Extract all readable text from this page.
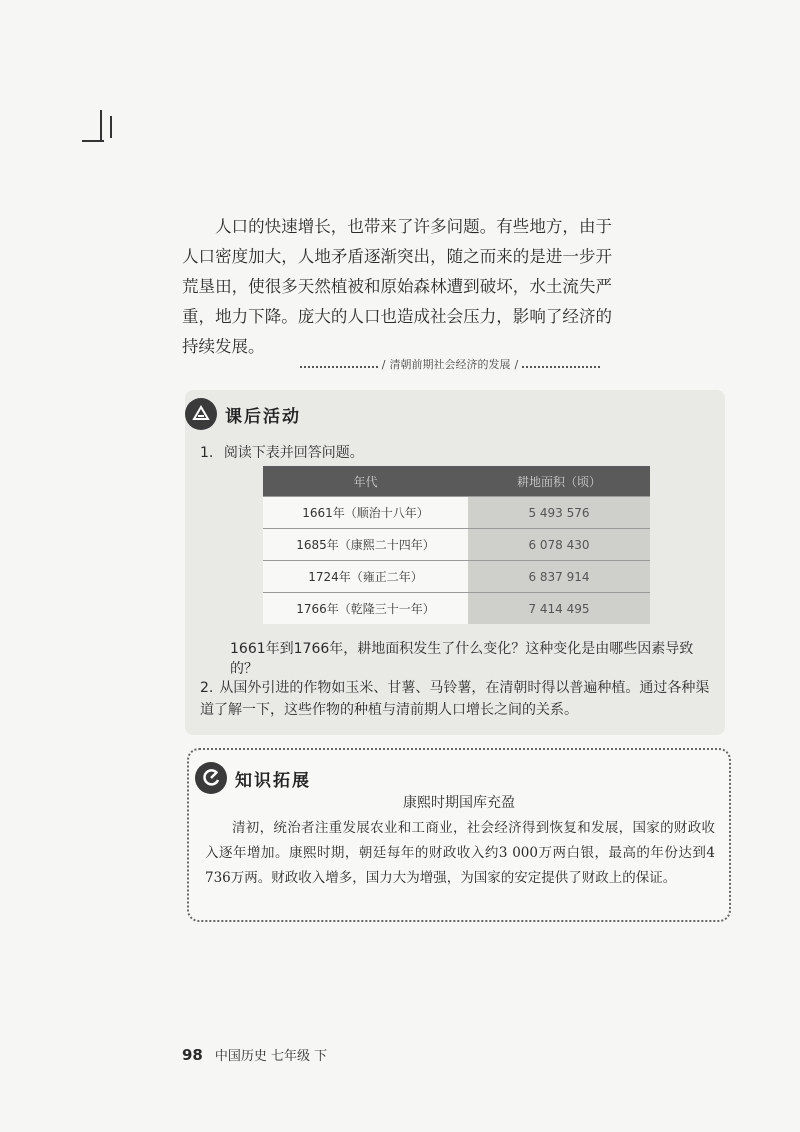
人口的快速增长，也带来了许多问题。有些地方，由于人口密度加大，人地矛盾逐渐突出，随之而来的是进一步开荒垦田，使很多天然植被和原始森林遭到破坏，水土流失严重，地力下降。庞大的人口也造成社会压力，影响了经济的持续发展。

/ 清朝前期社会经济的发展 /
课后活动
1. 阅读下表并回答问题。
年代	耕地面积（顷）
1661年（顺治十八年）	5 493 576
1685年（康熙二十四年）	6 078 430
1724年（雍正二年）	6 837 914
1766年（乾隆三十一年）	7 414 495
1661年到1766年，耕地面积发生了什么变化？这种变化是由哪些因素导致的？
2. 从国外引进的作物如玉米、甘薯、马铃薯，在清朝时得以普遍种植。通过各种渠道了解一下，这些作物的种植与清前期人口增长之间的关系。
知识拓展
康熙时期国库充盈

清初，统治者注重发展农业和工商业，社会经济得到恢复和发展，国家的财政收入逐年增加。康熙时期，朝廷每年的财政收入约3 000万两白银，最高的年份达到4 736万两。财政收入增多，国力大为增强，为国家的安定提供了财政上的保证。

98 中国历史 七年级 下
